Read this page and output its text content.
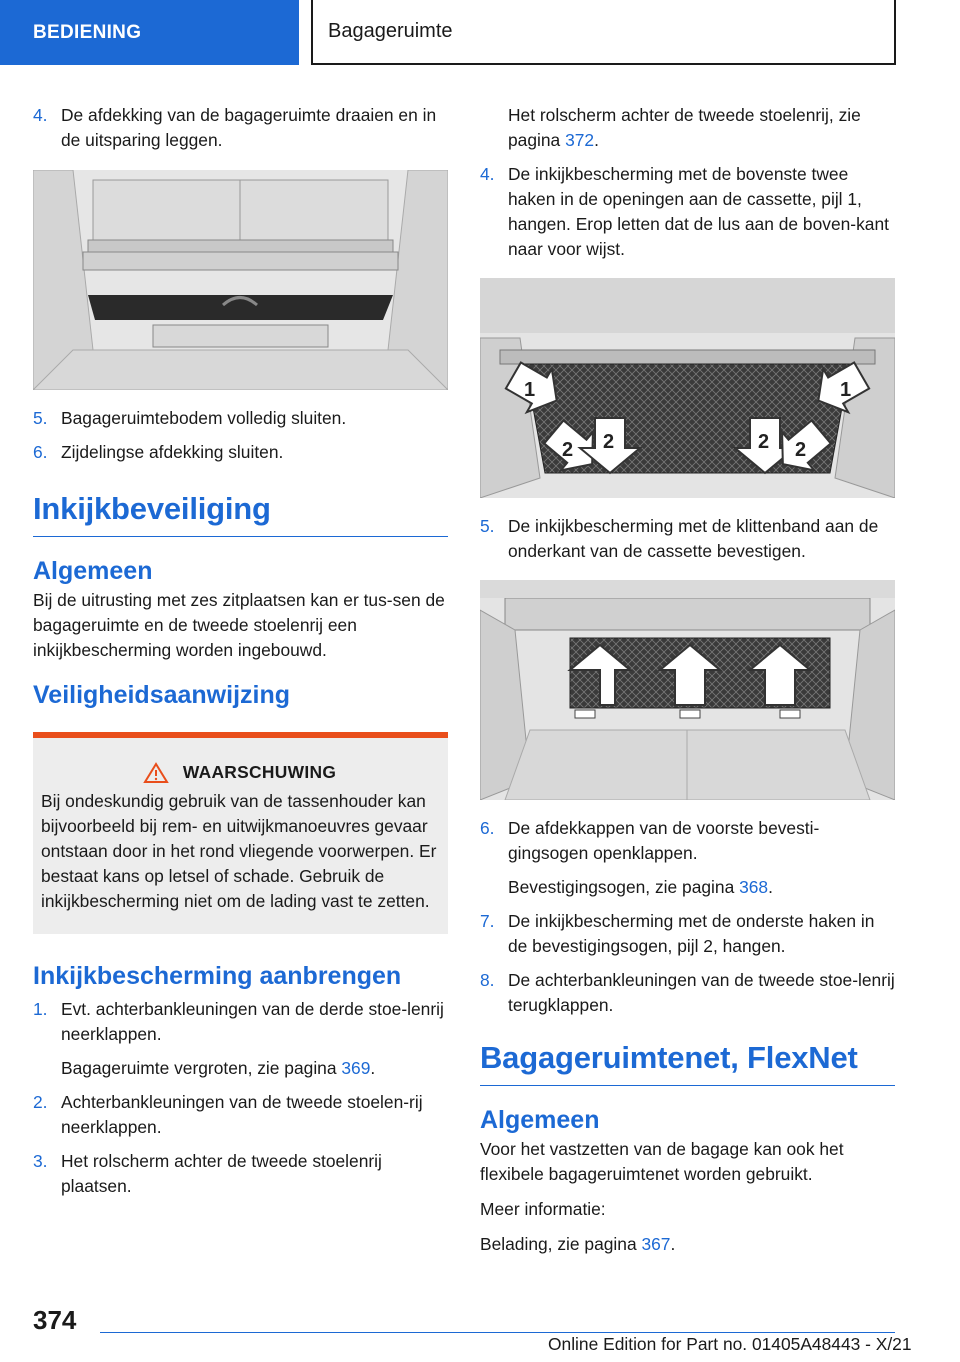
BEDIENING	Bagageruimte
4. De afdekking van de bagageruimte draaien en in de uitsparing leggen.
5. Bagageruimtebodem volledig sluiten.
6. Zijdelingse afdekking sluiten.
Inkijkbeveiliging
Algemeen
Bij de uitrusting met zes zitplaatsen kan er tus-sen de bagageruimte en de tweede stoelenrij een inkijkbescherming worden ingebouwd.
Veiligheidsaanwijzing
WAARSCHUWING
Bij ondeskundig gebruik van de tassenhouder kan bijvoorbeeld bij rem- en uitwijkmanoeuvres gevaar ontstaan door in het rond vliegende voorwerpen. Er bestaat kans op letsel of schade. Gebruik de inkijkbescherming niet om de lading vast te zetten.
Inkijkbescherming aanbrengen
1. Evt. achterbankleuningen van de derde stoe-lenrij neerklappen.
Bagageruimte vergroten, zie pagina 369.
2. Achterbankleuningen van de tweede stoelen-rij neerklappen.
3. Het rolscherm achter de tweede stoelenrij plaatsen.
Het rolscherm achter de tweede stoelenrij, zie pagina 372.
4. De inkijkbescherming met de bovenste twee haken in de openingen aan de cassette, pijl 1, hangen. Erop letten dat de lus aan de boven-kant naar voor wijst.
1	1
2 2	2 2
5. De inkijkbescherming met de klittenband aan de onderkant van de cassette bevestigen.
6. De afdekkappen van de voorste bevesti-gingsogen openklappen.
Bevestigingsogen, zie pagina 368.
7. De inkijkbescherming met de onderste haken in de bevestigingsogen, pijl 2, hangen.
8. De achterbankleuningen van de tweede stoe-lenrij terugklappen.
Bagageruimtenet, FlexNet
Algemeen
Voor het vastzetten van de bagage kan ook het flexibele bagageruimtenet worden gebruikt.
Meer informatie:
Belading, zie pagina 367.
374
Online Edition for Part no. 01405A48443 - X/21
